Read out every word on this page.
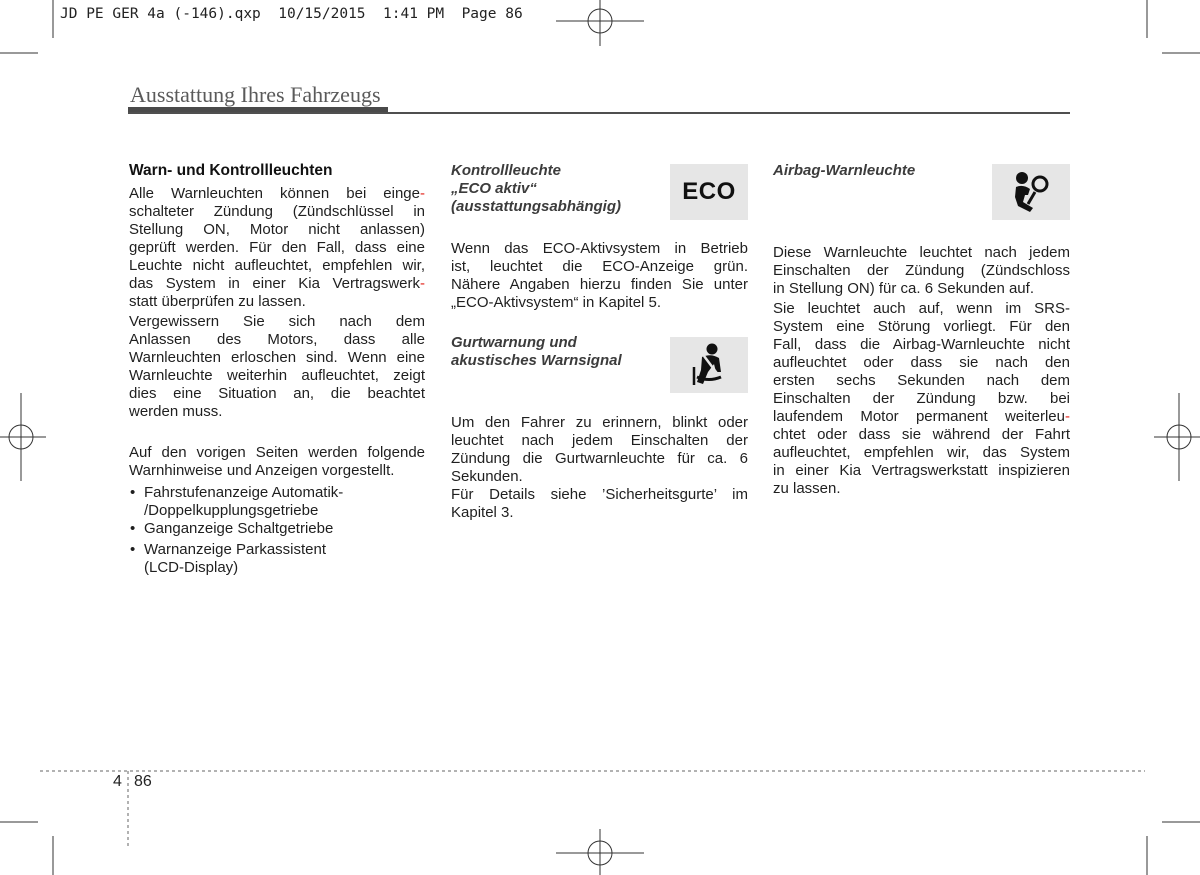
JD PE GER 4a (-146).qxp  10/15/2015  1:41 PM  Page 86
Ausstattung Ihres Fahrzeugs
Warn- und Kontrollleuchten
Alle Warnleuchten können bei einge-
schalteter Zündung (Zündschlüssel in
Stellung ON, Motor nicht anlassen)
geprüft werden. Für den Fall, dass eine
Leuchte nicht aufleuchtet, empfehlen wir,
das System in einer Kia Vertragswerk-
statt überprüfen zu lassen.
Vergewissern Sie sich nach dem
Anlassen des Motors, dass alle
Warnleuchten erloschen sind. Wenn eine
Warnleuchte weiterhin aufleuchtet, zeigt
dies eine Situation an, die beachtet
werden muss.
Auf den vorigen Seiten werden folgende
Warnhinweise und Anzeigen vorgestellt.
• Fahrstufenanzeige Automatik-
/Doppelkupplungsgetriebe
• Ganganzeige Schaltgetriebe
• Warnanzeige Parkassistent
(LCD-Display)
Kontrollleuchte
„ECO aktiv“
(ausstattungsabhängig)
ECO
Wenn das ECO-Aktivsystem in Betrieb
ist, leuchtet die ECO-Anzeige grün.
Nähere Angaben hierzu finden Sie unter
„ECO-Aktivsystem“ in Kapitel 5.
Gurtwarnung und
akustisches Warnsignal
Um den Fahrer zu erinnern, blinkt oder
leuchtet nach jedem Einschalten der
Zündung die Gurtwarnleuchte für ca. 6
Sekunden.
Für Details siehe ’Sicherheitsgurte’ im
Kapitel 3.
Airbag-Warnleuchte
Diese Warnleuchte leuchtet nach jedem
Einschalten der Zündung (Zündschloss
in Stellung ON) für ca. 6 Sekunden auf.
Sie leuchtet auch auf, wenn im SRS-
System eine Störung vorliegt. Für den
Fall, dass die Airbag-Warnleuchte nicht
aufleuchtet oder dass sie nach den
ersten sechs Sekunden nach dem
Einschalten der Zündung bzw. bei
laufendem Motor permanent weiterleu-
chtet oder dass sie während der Fahrt
aufleuchtet, empfehlen wir, das System
in einer Kia Vertragswerkstatt inspizieren
zu lassen.
4 86
